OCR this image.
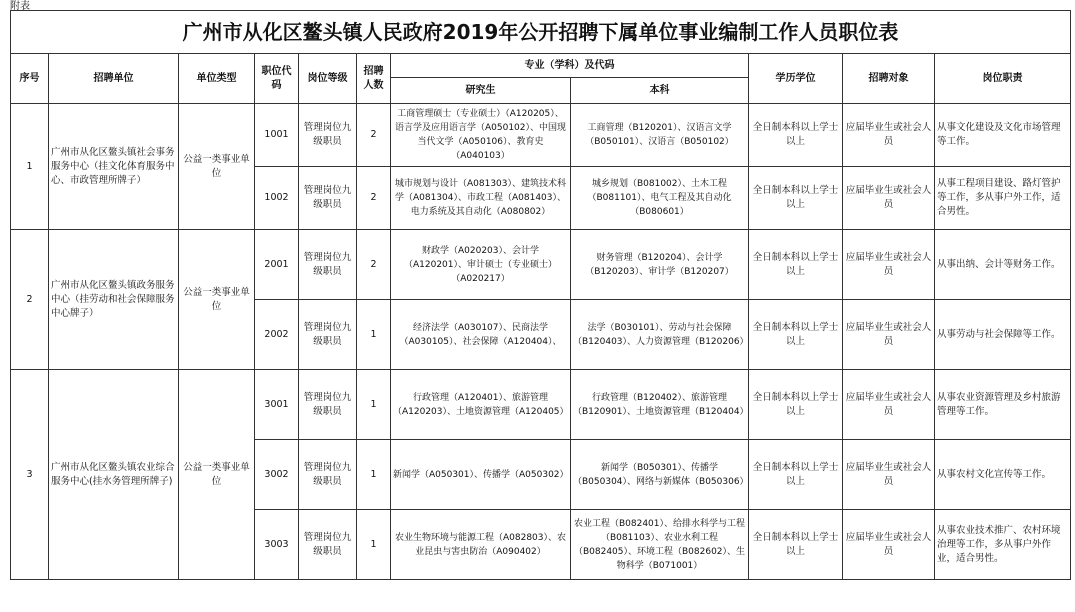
附表
广州市从化区鳌头镇人民政府2019年公开招聘下属单位事业编制工作人员职位表										
序号	招聘单位	单位类型	职位代码	岗位等级	招聘人数	专业（学科）及代码		学历学位	招聘对象	岗位职责
						研究生	本科			
1	广州市从化区鳌头镇社会事务服务中心（挂文化体育服务中心、市政管理所牌子）	公益一类事业单位	1001	管理岗位九级职员	2	工商管理硕士（专业硕士）（A120205）、语言学及应用语言学（A050102）、中国现当代文学（A050106）、教育史（A040103）	工商管理（B120201）、汉语言文学（B050101）、汉语言（B050102）	全日制本科以上学士以上	应届毕业生或社会人员	从事文化建设及文化市场管理等工作。
			1002	管理岗位九级职员	2	城市规划与设计（A081303）、建筑技术科学（A081304）、市政工程（A081403）、电力系统及其自动化（A080802）	城乡规划（B081002）、土木工程（B081101）、电气工程及其自动化（B080601）	全日制本科以上学士以上	应届毕业生或社会人员	从事工程项目建设、路灯管护等工作，多从事户外工作，适合男性。
2	广州市从化区鳌头镇政务服务中心（挂劳动和社会保障服务中心牌子）	公益一类事业单位	2001	管理岗位九级职员	2	财政学（A020203）、会计学（A120201）、审计硕士（专业硕士）（A020217）	财务管理（B120204）、会计学（B120203）、审计学（B120207）	全日制本科以上学士以上	应届毕业生或社会人员	从事出纳、会计等财务工作。
			2002	管理岗位九级职员	1	经济法学（A030107）、民商法学（A030105）、社会保障（A120404）、	法学（B030101）、劳动与社会保障（B120403）、人力资源管理（B120206）	全日制本科以上学士以上	应届毕业生或社会人员	从事劳动与社会保障等工作。
3	广州市从化区鳌头镇农业综合服务中心(挂水务管理所牌子)	公益一类事业单位	3001	管理岗位九级职员	1	行政管理（A120401）、旅游管理（A120203）、土地资源管理（A120405）	行政管理（B120402）、旅游管理（B120901）、土地资源管理（B120404）	全日制本科以上学士以上	应届毕业生或社会人员	从事农业资源管理及乡村旅游管理等工作。
			3002	管理岗位九级职员	1	新闻学（A050301）、传播学（A050302）	新闻学（B050301）、传播学（B050304）、网络与新媒体（B050306）	全日制本科以上学士以上	应届毕业生或社会人员	从事农村文化宣传等工作。
			3003	管理岗位九级职员	1	农业生物环境与能源工程（A082803）、农业昆虫与害虫防治（A090402）	农业工程（B082401）、给排水科学与工程（B081103）、农业水利工程（B082405）、环境工程（B082602）、生物科学（B071001）	全日制本科以上学士以上	应届毕业生或社会人员	从事农业技术推广、农村环境治理等工作，多从事户外作业，适合男性。
